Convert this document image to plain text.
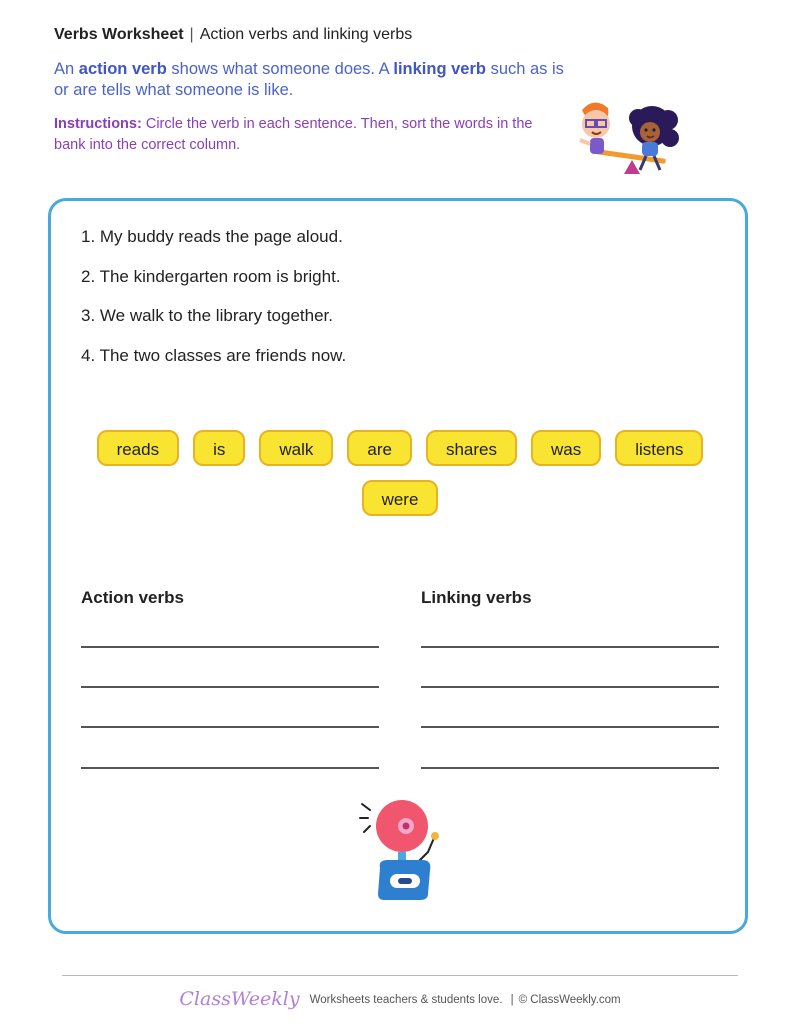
Verbs Worksheet | Action verbs and linking verbs
An action verb shows what someone does. A linking verb such as is or are tells what someone is like.
Instructions: Circle the verb in each sentence. Then, sort the words in the bank into the correct column.
1. My buddy reads the page aloud.
2. The kindergarten room is bright.
3. We walk to the library together.
4. The two classes are friends now.
reads	is	walk	are	shares	was	listens
were
Action verbs	Linking verbs
ClassWeekly Worksheets teachers & students love. | © ClassWeekly.com
